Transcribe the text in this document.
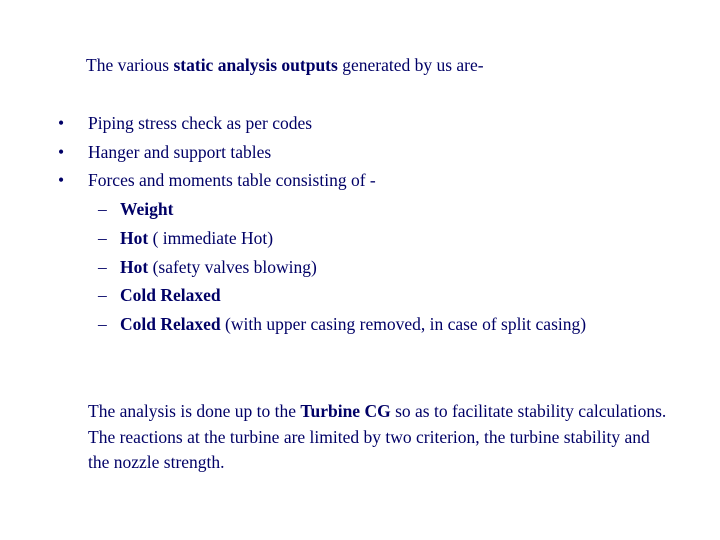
The various static analysis outputs generated by us are-
•	Piping stress check as per codes
•	Hanger and support tables
•	Forces and moments table consisting of -
– Weight
– Hot ( immediate Hot)
– Hot (safety valves blowing)
– Cold Relaxed
– Cold Relaxed (with upper casing removed, in case of split casing)

The analysis is done up to the Turbine CG so as to facilitate stability calculations. The reactions at the turbine are limited by two criterion, the turbine stability and the nozzle strength.
